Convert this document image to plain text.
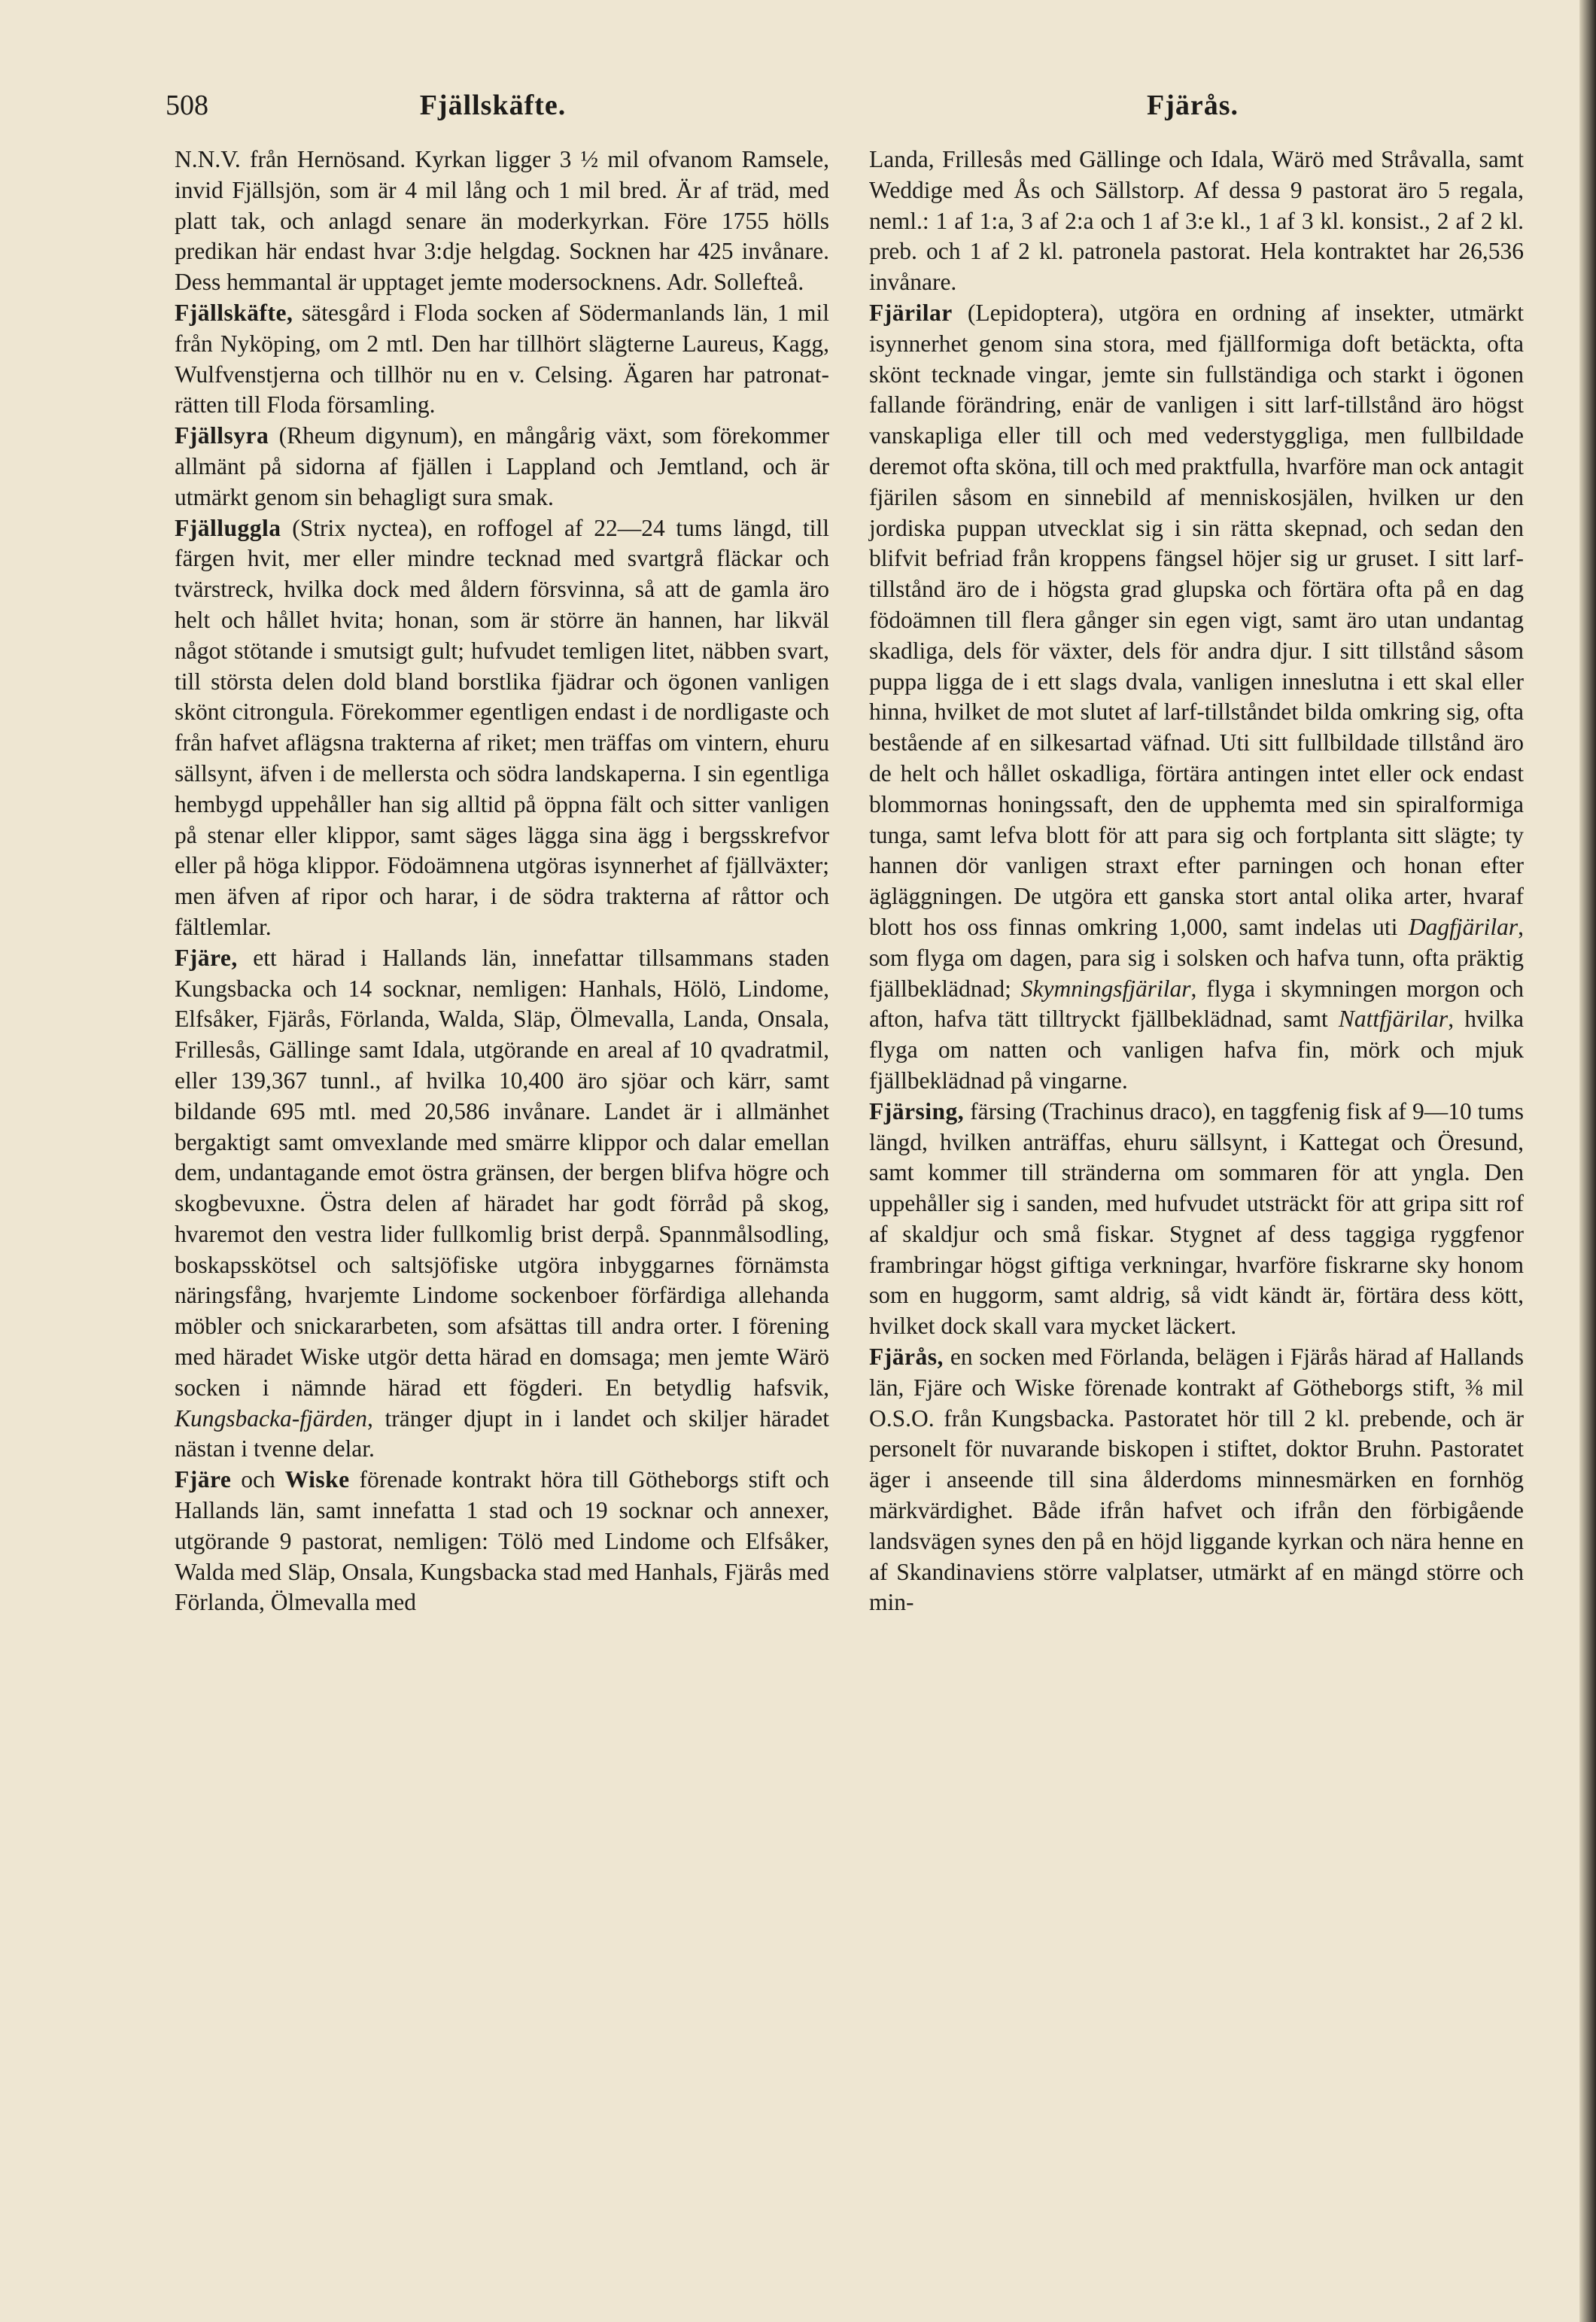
508	Fjällskäfte.	Fjärås.

N.N.V. från Hernösand. Kyrkan ligger 3 ½ mil ofvanom Ramsele, invid Fjällsjön, som är 4 mil lång och 1 mil bred. Är af träd, med platt tak, och anlagd senare än moderkyrkan. Före 1755 hölls predikan här endast hvar 3:dje helgdag. Socknen har 425 invånare. Dess hemmantal är upptaget jemte modersocknens. Adr. Sollefteå.

Fjällskäfte, sätesgård i Floda socken af Södermanlands län, 1 mil från Nyköping, om 2 mtl. Den har tillhört slägterne Laureus, Kagg, Wulfvenstjerna och tillhör nu en v. Celsing. Ägaren har patronat-rätten till Floda församling.

Fjällsyra (Rheum digynum), en mångårig växt, som förekommer allmänt på sidorna af fjällen i Lappland och Jemtland, och är utmärkt genom sin behagligt sura smak.

Fjälluggla (Strix nyctea), en roffogel af 22—24 tums längd, till färgen hvit, mer eller mindre tecknad med svartgrå fläckar och tvärstreck, hvilka dock med åldern försvinna, så att de gamla äro helt och hållet hvita; honan, som är större än hannen, har likväl något stötande i smutsigt gult; hufvudet temligen litet, näbben svart, till största delen dold bland borstlika fjädrar och ögonen vanligen skönt citrongula. Förekommer egentligen endast i de nordligaste och från hafvet aflägsna trakterna af riket; men träffas om vintern, ehuru sällsynt, äfven i de mellersta och södra landskaperna. I sin egentliga hembygd uppehåller han sig alltid på öppna fält och sitter vanligen på stenar eller klippor, samt säges lägga sina ägg i bergsskrefvor eller på höga klippor. Födoämnena utgöras isynnerhet af fjällväxter; men äfven af ripor och harar, i de södra trakterna af råttor och fältlemlar.

Fjäre, ett härad i Hallands län, innefattar tillsammans staden Kungsbacka och 14 socknar, nemligen: Hanhals, Hölö, Lindome, Elfsåker, Fjärås, Förlanda, Walda, Släp, Ölmevalla, Landa, Onsala, Frillesås, Gällinge samt Idala, utgörande en areal af 10 qvadratmil, eller 139,367 tunnl., af hvilka 10,400 äro sjöar och kärr, samt bildande 695 mtl. med 20,586 invånare. Landet är i allmänhet bergaktigt samt omvexlande med smärre klippor och dalar emellan dem, undantagande emot östra gränsen, der bergen blifva högre och skogbevuxne. Östra delen af häradet har godt förråd på skog, hvaremot den vestra lider fullkomlig brist derpå. Spannmålsodling, boskapsskötsel och saltsjöfiske utgöra inbyggarnes förnämsta näringsfång, hvarjemte Lindome sockenboer förfärdiga allehanda möbler och snickararbeten, som afsättas till andra orter. I förening med häradet Wiske utgör detta härad en domsaga; men jemte Wärö socken i nämnde härad ett fögderi. En betydlig hafsvik, Kungsbacka-fjärden, tränger djupt in i landet och skiljer häradet nästan i tvenne delar.

Fjäre och Wiske förenade kontrakt höra till Götheborgs stift och Hallands län, samt innefatta 1 stad och 19 socknar och annexer, utgörande 9 pastorat, nemligen: Tölö med Lindome och Elfsåker, Walda med Släp, Onsala, Kungsbacka stad med Hanhals, Fjärås med Förlanda, Ölmevalla med

Landa, Frillesås med Gällinge och Idala, Wärö med Stråvalla, samt Weddige med Ås och Sällstorp. Af dessa 9 pastorat äro 5 regala, neml.: 1 af 1:a, 3 af 2:a och 1 af 3:e kl., 1 af 3 kl. konsist., 2 af 2 kl. preb. och 1 af 2 kl. patronela pastorat. Hela kontraktet har 26,536 invånare.

Fjärilar (Lepidoptera), utgöra en ordning af insekter, utmärkt isynnerhet genom sina stora, med fjällformiga doft betäckta, ofta skönt tecknade vingar, jemte sin fullständiga och starkt i ögonen fallande förändring, enär de vanligen i sitt larf-tillstånd äro högst vanskapliga eller till och med vederstyggliga, men fullbildade deremot ofta sköna, till och med praktfulla, hvarföre man ock antagit fjärilen såsom en sinnebild af menniskosjälen, hvilken ur den jordiska puppan utvecklat sig i sin rätta skepnad, och sedan den blifvit befriad från kroppens fängsel höjer sig ur gruset. I sitt larf-tillstånd äro de i högsta grad glupska och förtära ofta på en dag födoämnen till flera gånger sin egen vigt, samt äro utan undantag skadliga, dels för växter, dels för andra djur. I sitt tillstånd såsom puppa ligga de i ett slags dvala, vanligen inneslutna i ett skal eller hinna, hvilket de mot slutet af larf-tillståndet bilda omkring sig, ofta bestående af en silkesartad väfnad. Uti sitt fullbildade tillstånd äro de helt och hållet oskadliga, förtära antingen intet eller ock endast blommornas honingssaft, den de upphemta med sin spiralformiga tunga, samt lefva blott för att para sig och fortplanta sitt slägte; ty hannen dör vanligen straxt efter parningen och honan efter ägläggningen. De utgöra ett ganska stort antal olika arter, hvaraf blott hos oss finnas omkring 1,000, samt indelas uti Dagfjärilar, som flyga om dagen, para sig i solsken och hafva tunn, ofta präktig fjällbeklädnad; Skymningsfjärilar, flyga i skymningen morgon och afton, hafva tätt tilltryckt fjällbeklädnad, samt Nattfjärilar, hvilka flyga om natten och vanligen hafva fin, mörk och mjuk fjällbeklädnad på vingarne.

Fjärsing, färsing (Trachinus draco), en taggfenig fisk af 9—10 tums längd, hvilken anträffas, ehuru sällsynt, i Kattegat och Öresund, samt kommer till stränderna om sommaren för att yngla. Den uppehåller sig i sanden, med hufvudet utsträckt för att gripa sitt rof af skaldjur och små fiskar. Stygnet af dess taggiga ryggfenor frambringar högst giftiga verkningar, hvarföre fiskrarne sky honom som en huggorm, samt aldrig, så vidt kändt är, förtära dess kött, hvilket dock skall vara mycket läckert.

Fjärås, en socken med Förlanda, belägen i Fjärås härad af Hallands län, Fjäre och Wiske förenade kontrakt af Götheborgs stift, ⅜ mil O.S.O. från Kungsbacka. Pastoratet hör till 2 kl. prebende, och är personelt för nuvarande biskopen i stiftet, doktor Bruhn. Pastoratet äger i anseende till sina ålderdoms minnesmärken en fornhög märkvärdighet. Både ifrån hafvet och ifrån den förbigående landsvägen synes den på en höjd liggande kyrkan och nära henne en af Skandinaviens större valplatser, utmärkt af en mängd större och min-
